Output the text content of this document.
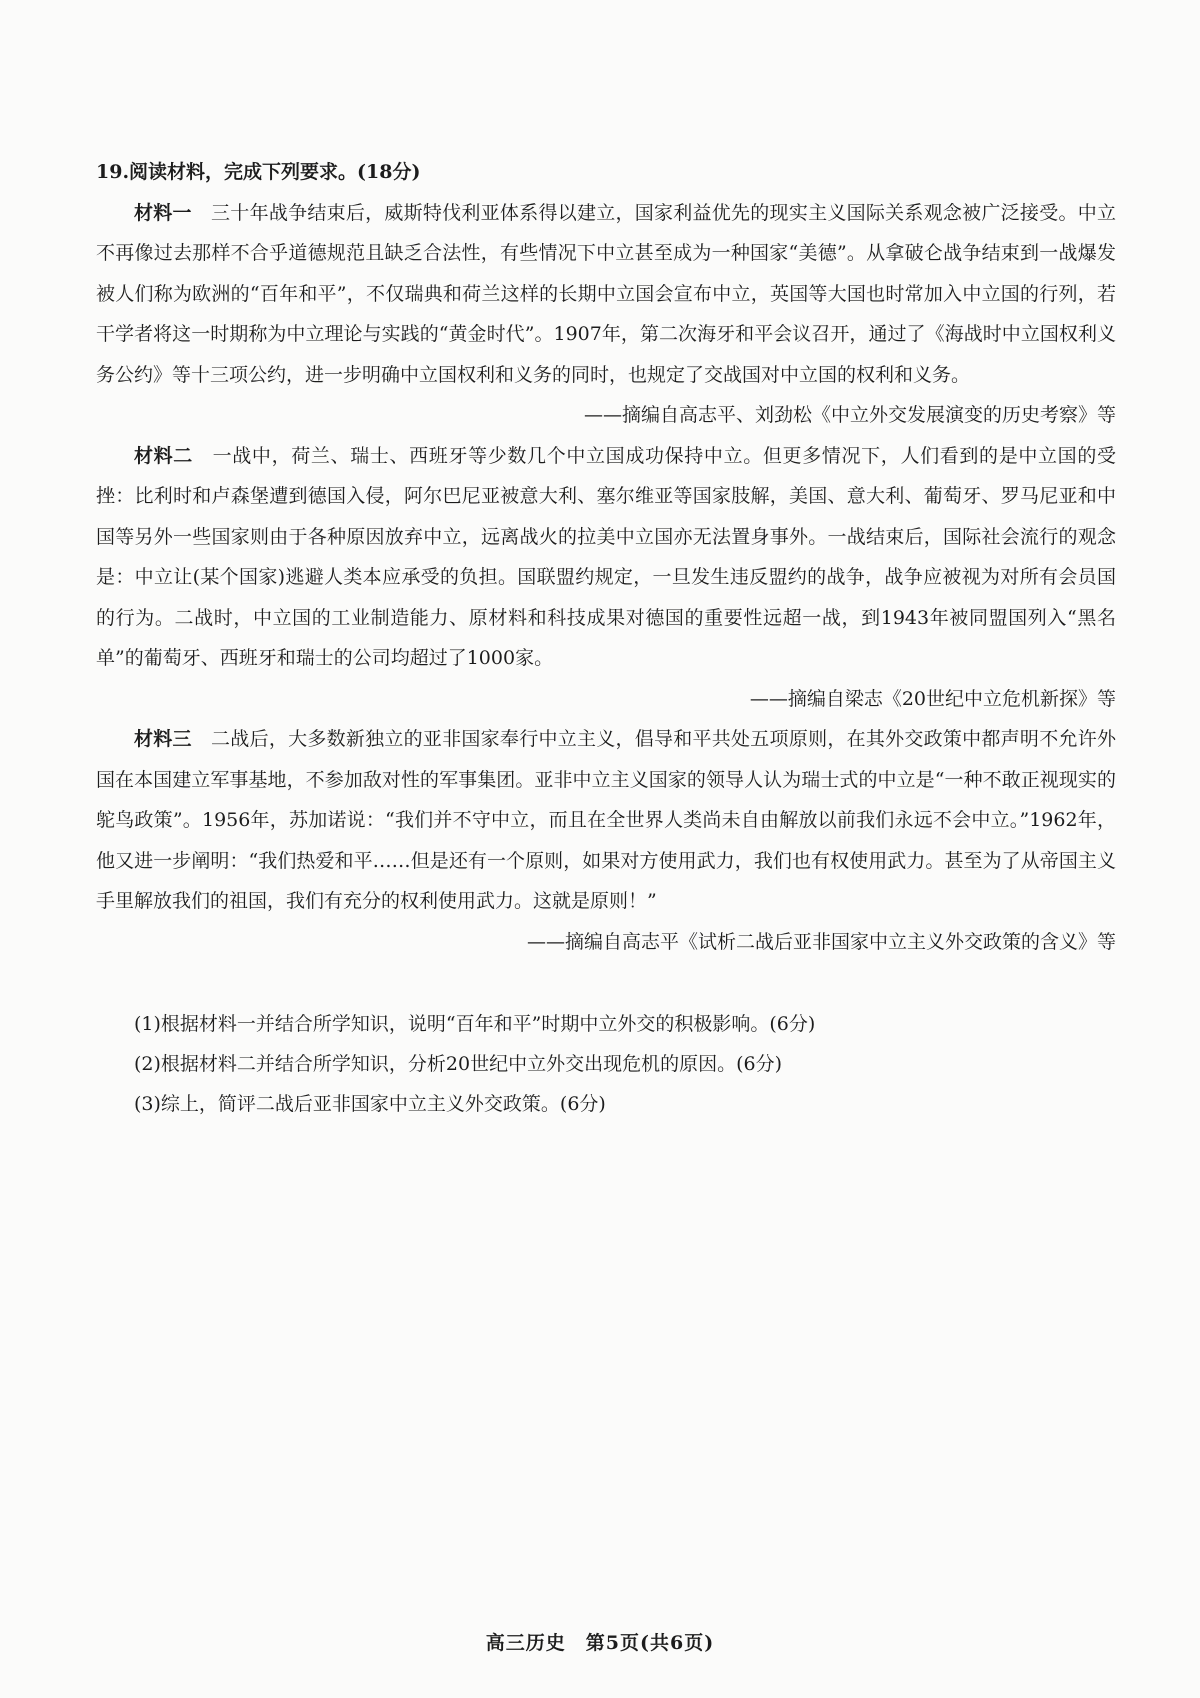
19.阅读材料，完成下列要求。(18分)

材料一　 三十年战争结束后，威斯特伐利亚体系得以建立，国家利益优先的现实主义国际关系观念被广泛接受。中立不再像过去那样不合乎道德规范且缺乏合法性，有些情况下中立甚至成为一种国家“美德”。从拿破仑战争结束到一战爆发被人们称为欧洲的“百年和平”，不仅瑞典和荷兰这样的长期中立国会宣布中立，英国等大国也时常加入中立国的行列，若干学者将这一时期称为中立理论与实践的“黄金时代”。1907年，第二次海牙和平会议召开，通过了《海战时中立国权利义务公约》等十三项公约，进一步明确中立国权利和义务的同时，也规定了交战国对中立国的权利和义务。

——摘编自高志平、刘劲松《中立外交发展演变的历史考察》等

材料二　 一战中，荷兰、瑞士、西班牙等少数几个中立国成功保持中立。但更多情况下，人们看到的是中立国的受挫：比利时和卢森堡遭到德国入侵，阿尔巴尼亚被意大利、塞尔维亚等国家肢解，美国、意大利、葡萄牙、罗马尼亚和中国等另外一些国家则由于各种原因放弃中立，远离战火的拉美中立国亦无法置身事外。一战结束后，国际社会流行的观念是：中立让(某个国家)逃避人类本应承受的负担。国联盟约规定，一旦发生违反盟约的战争，战争应被视为对所有会员国的行为。二战时，中立国的工业制造能力、原材料和科技成果对德国的重要性远超一战，到1943年被同盟国列入“黑名单”的葡萄牙、西班牙和瑞士的公司均超过了1000家。

——摘编自梁志《20世纪中立危机新探》等

材料三　 二战后，大多数新独立的亚非国家奉行中立主义，倡导和平共处五项原则，在其外交政策中都声明不允许外国在本国建立军事基地，不参加敌对性的军事集团。亚非中立主义国家的领导人认为瑞士式的中立是“一种不敢正视现实的鸵鸟政策”。1956年，苏加诺说：“我们并不守中立，而且在全世界人类尚未自由解放以前我们永远不会中立。”1962年，他又进一步阐明：“我们热爱和平……但是还有一个原则，如果对方使用武力，我们也有权使用武力。甚至为了从帝国主义手里解放我们的祖国，我们有充分的权利使用武力。这就是原则！”

——摘编自高志平《试析二战后亚非国家中立主义外交政策的含义》等

(1)根据材料一并结合所学知识，说明“百年和平”时期中立外交的积极影响。(6分)

(2)根据材料二并结合所学知识，分析20世纪中立外交出现危机的原因。(6分)

(3)综上，简评二战后亚非国家中立主义外交政策。(6分)

高三历史　第5页(共6页)
